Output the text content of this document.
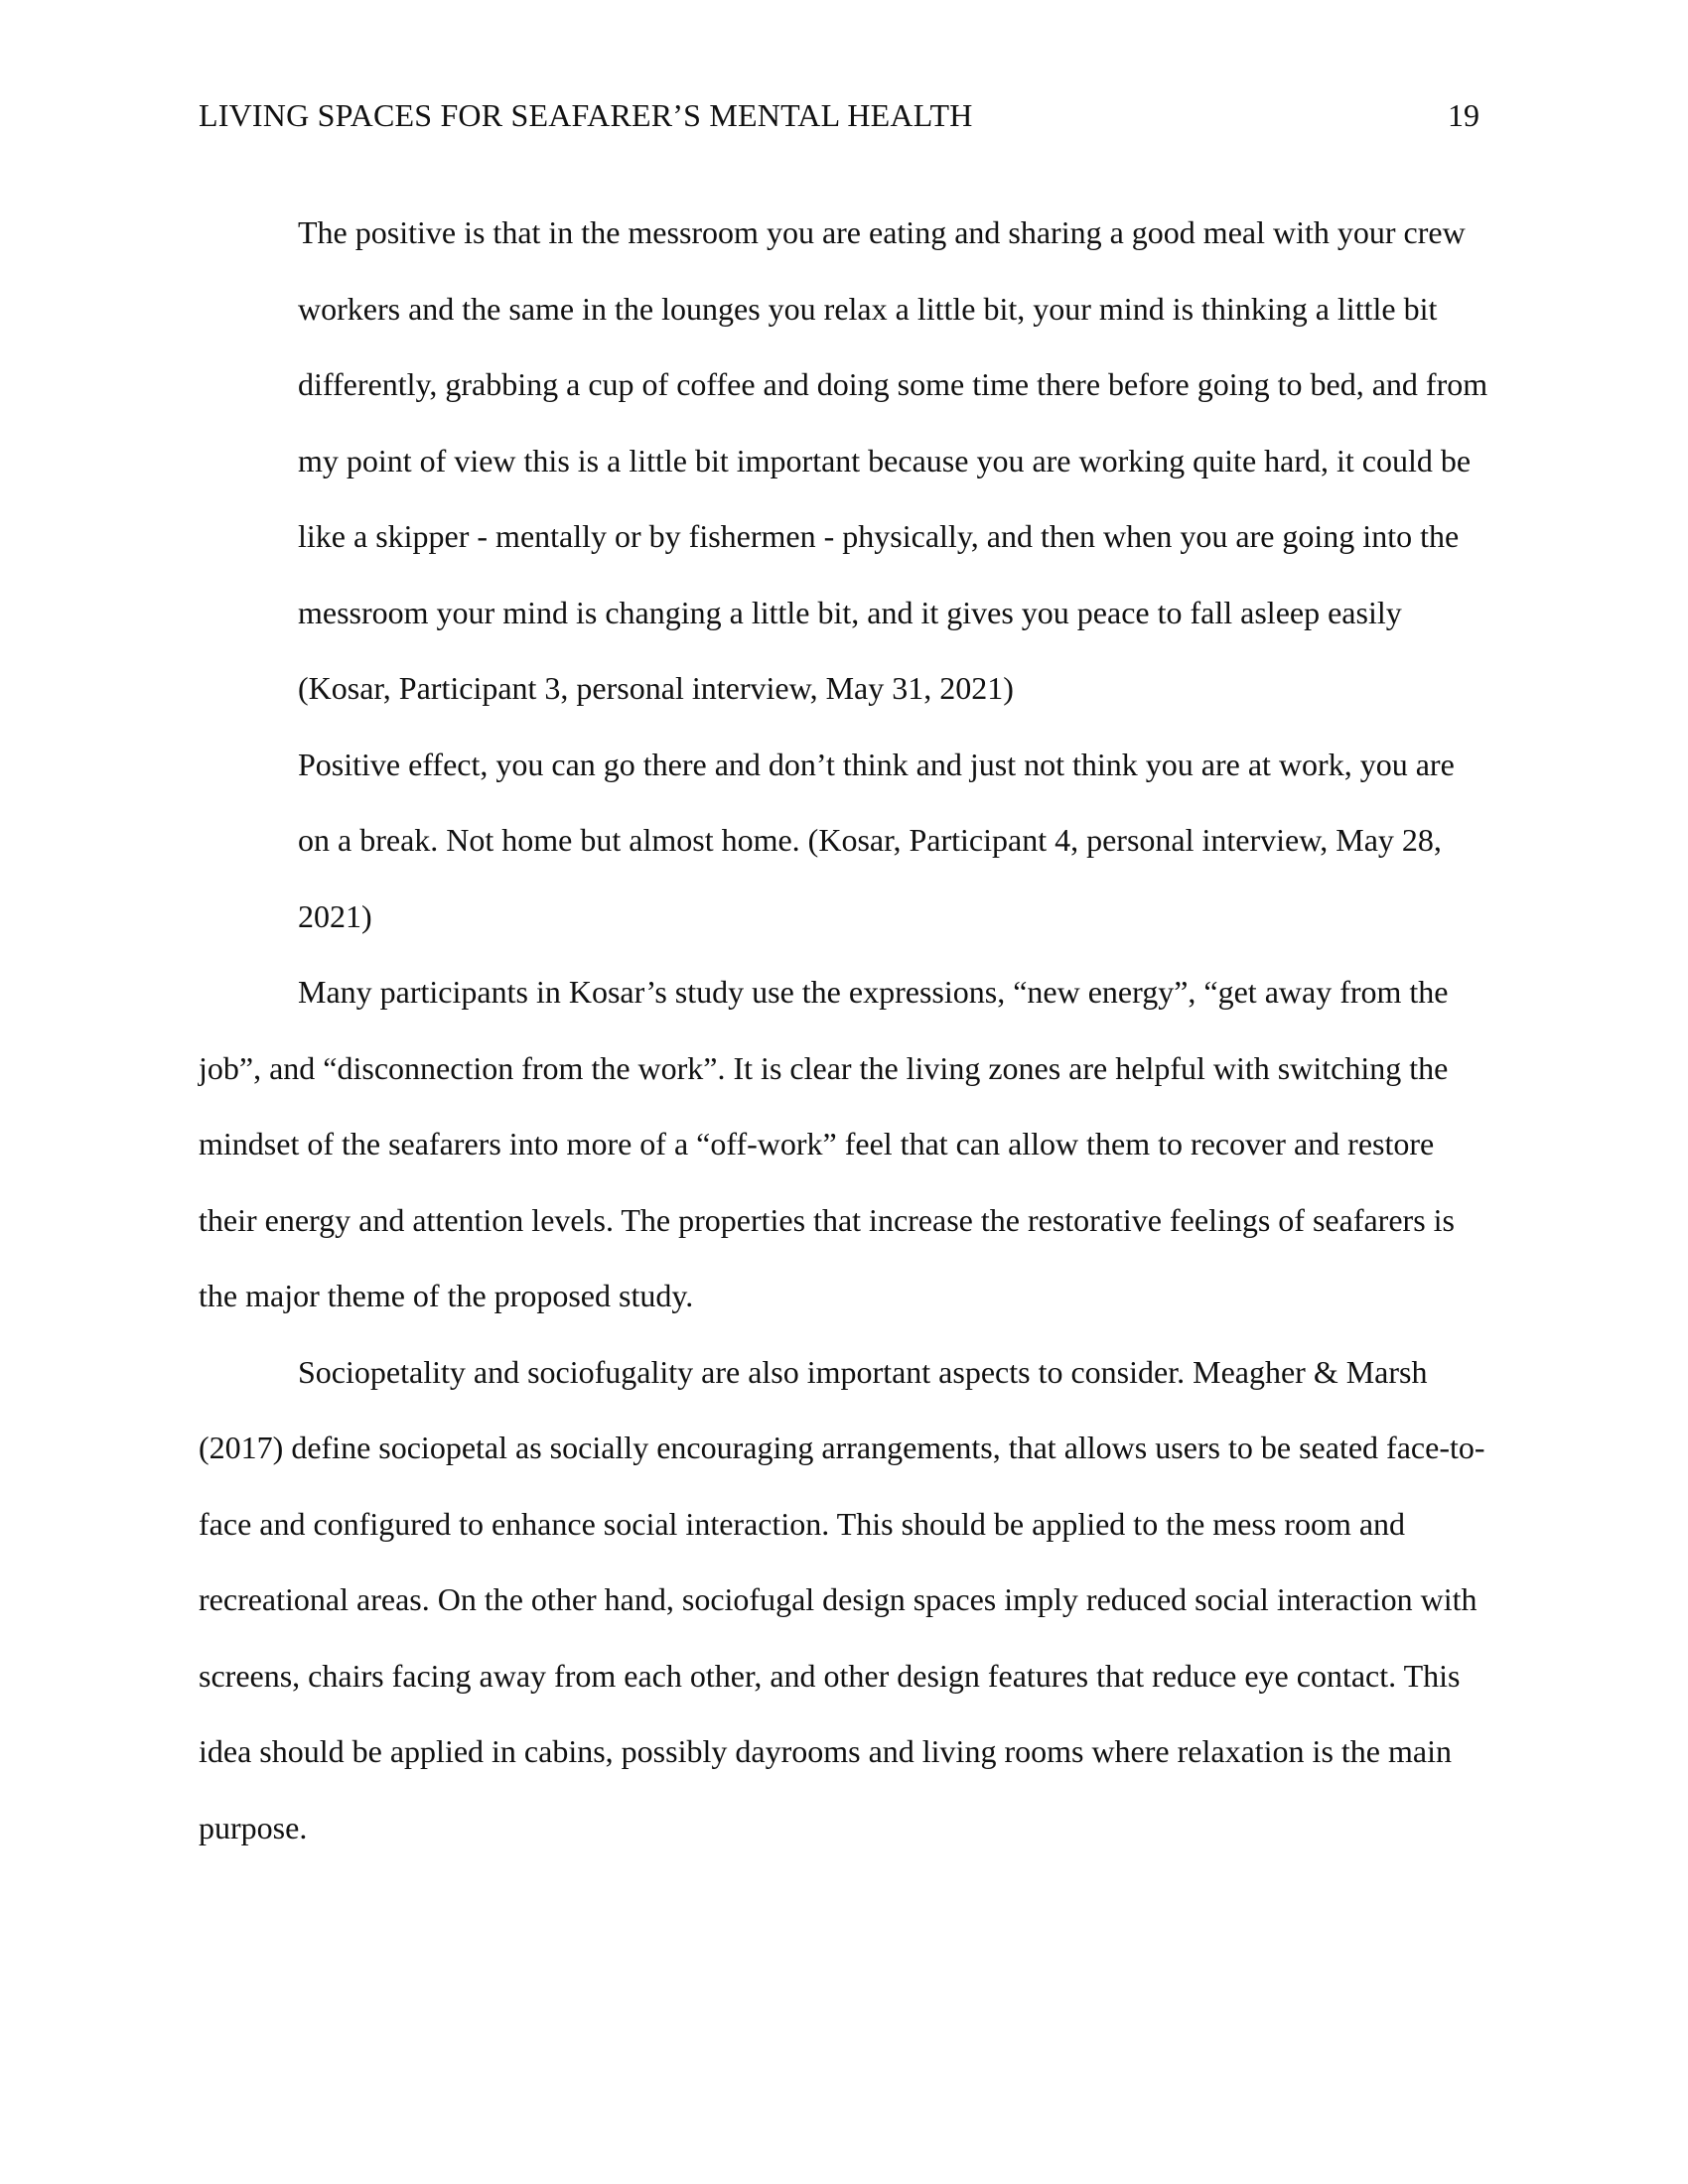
LIVING SPACES FOR SEAFARER’S MENTAL HEALTH	19

The positive is that in the messroom you are eating and sharing a good meal with your crew workers and the same in the lounges you relax a little bit, your mind is thinking a little bit differently, grabbing a cup of coffee and doing some time there before going to bed, and from my point of view this is a little bit important because you are working quite hard, it could be like a skipper - mentally or by fishermen - physically, and then when you are going into the messroom your mind is changing a little bit, and it gives you peace to fall asleep easily (Kosar, Participant 3, personal interview, May 31, 2021)

Positive effect, you can go there and don’t think and just not think you are at work, you are on a break. Not home but almost home. (Kosar, Participant 4, personal interview, May 28, 2021)

Many participants in Kosar’s study use the expressions, “new energy”, “get away from the job”, and “disconnection from the work”. It is clear the living zones are helpful with switching the mindset of the seafarers into more of a “off-work” feel that can allow them to recover and restore their energy and attention levels. The properties that increase the restorative feelings of seafarers is the major theme of the proposed study.

Sociopetality and sociofugality are also important aspects to consider. Meagher & Marsh (2017) define sociopetal as socially encouraging arrangements, that allows users to be seated face-to-face and configured to enhance social interaction. This should be applied to the mess room and recreational areas. On the other hand, sociofugal design spaces imply reduced social interaction with screens, chairs facing away from each other, and other design features that reduce eye contact. This idea should be applied in cabins, possibly dayrooms and living rooms where relaxation is the main purpose.
